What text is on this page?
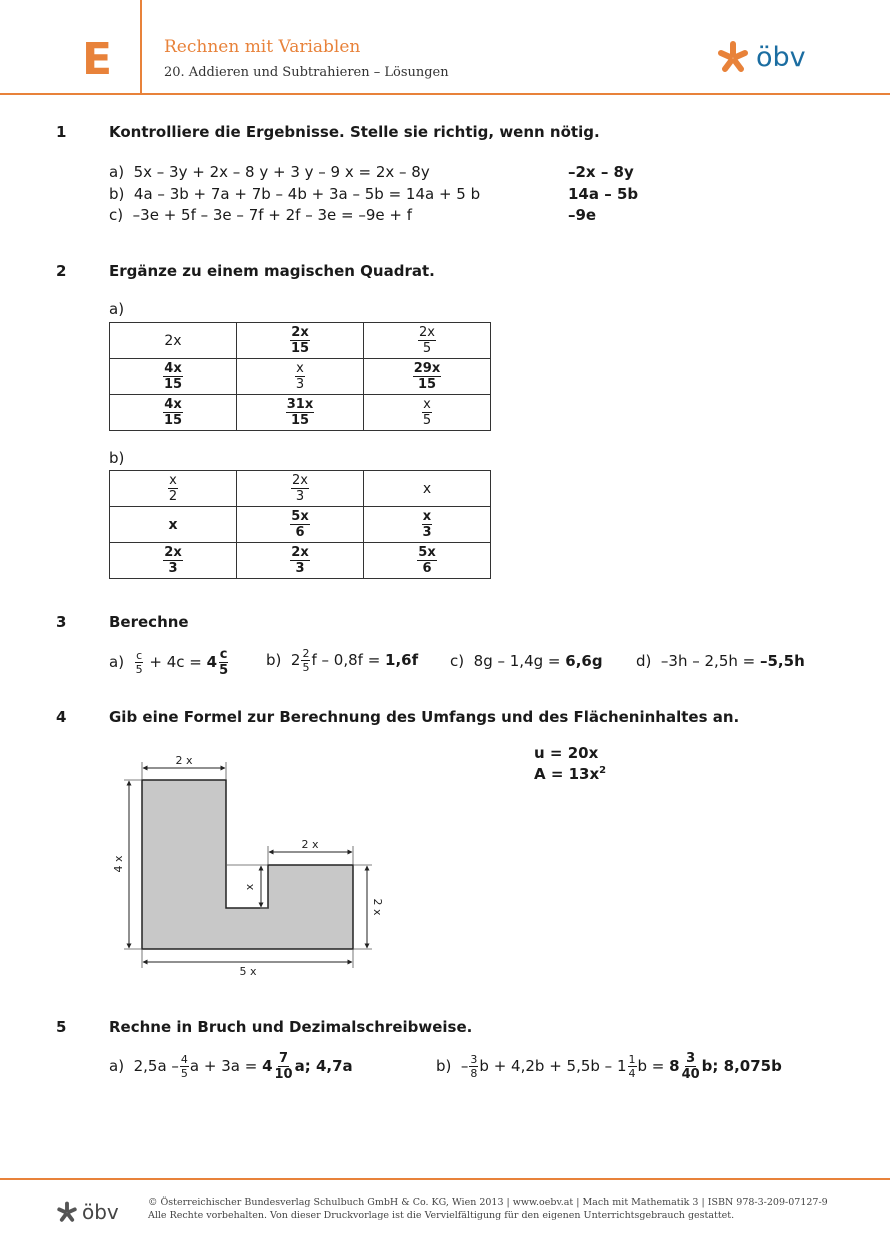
E	Rechnen mit Variablen
20. Addieren und Subtrahieren – Lösungen	öbv
1	Kontrolliere die Ergebnisse. Stelle sie richtig, wenn nötig.
a) 5x – 3y + 2x – 8 y + 3 y – 9 x = 2x – 8y	–2x – 8y
b) 4a – 3b + 7a + 7b – 4b + 3a – 5b = 14a + 5 b	14a – 5b
c) –3e + 5f – 3e – 7f + 2f – 3e = –9e + f	–9e
2	Ergänze zu einem magischen Quadrat.
a)
2x	$\frac{2x}{15}$	$\frac{2x}{5}$

$\frac{4x}{15}$	$\frac{x}{3}$	$\frac{29x}{15}$

$\frac{4x}{15}$	$\frac{31x}{15}$	$\frac{x}{5}$
b)
$\frac{x}{2}$	$\frac{2x}{3}$	x
x	$\frac{5x}{6}$	$\frac{x}{3}$

$\frac{2x}{3}$	$\frac{2x}{3}$	$\frac{5x}{6}$
3	Berechne
$a) \frac{c}{5} + 4c = 4 \frac{c}{5} b$) $2 \frac{2}{5}$ f – 0,8f = 1,6f c) 8g – 1,4g = 6,6g d) –3h – 2,5h = –5,5h
4	Gib eine Formel zur Berechnung des Umfangs und des Flächeninhaltes an.
u = 20x
$A = 13x^2$
2 x
4 x
2 x
x
2 x
5 x
5	Rechne in Bruch und Dezimalschreibweise.
a) $2,5a - \frac{4}{5}$ $a + 3a = 4 \frac{7}{10} a$; 4,7a	$b) - \frac{3}{8}$ $b + 4,2b + 5,5b - 1 \frac{1}{4}$ $b = 8 \frac{3}{40} b$; 8,075b
öbv	© Österreichischer Bundesverlag Schulbuch GmbH & Co. KG, Wien 2013 | www.oebv.at | Mach mit Mathematik 3 | ISBN 978-3-209-07127-9
Alle Rechte vorbehalten. Von dieser Druckvorlage ist die Vervielfältigung für den eigenen Unterrichtsgebrauch gestattet.
